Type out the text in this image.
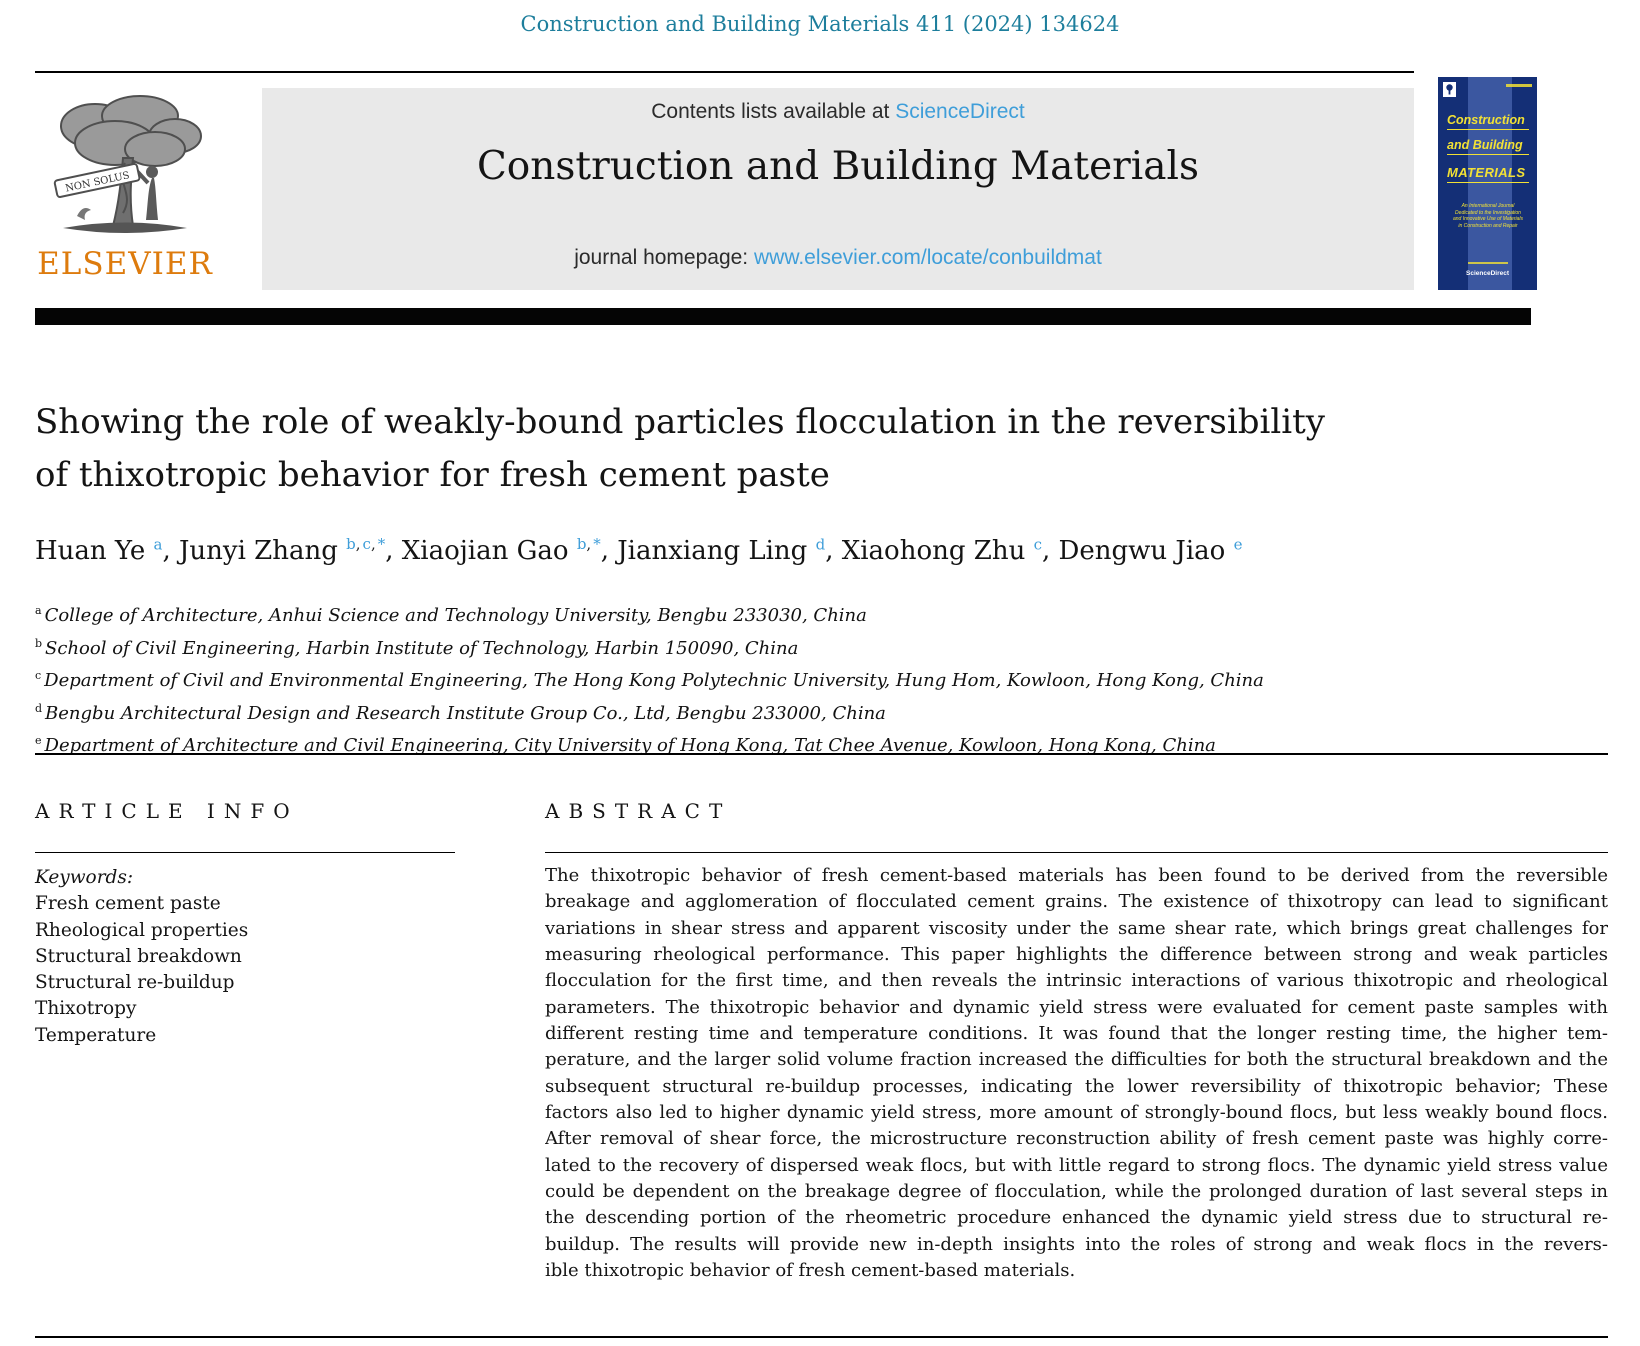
Construction and Building Materials 411 (2024) 134624
NON SOLUS
ELSEVIER
Contents lists available at ScienceDirect
Construction and Building Materials
journal homepage: www.elsevier.com/locate/conbuildmat
Construction
and Building
MATERIALS
An International Journal Dedicated to the Investigation and Innovative Use of Materials in Construction and Repair
ScienceDirect
Showing the role of weakly-bound particles flocculation in the reversibility
of thixotropic behavior for fresh cement paste
Huan Ye $^a$, Junyi Zhang $^{b, c, *}$, Xiaojian Gao $^{b, *}$, Jianxiang Ling $^d$, Xiaohong Zhu $^c$, Dengwu Jiao $^e$
$^a$ College of Architecture, Anhui Science and Technology University, Bengbu 233030, China
$^b$ School of Civil Engineering, Harbin Institute of Technology, Harbin 150090, China
$^c$ Department of Civil and Environmental Engineering, The Hong Kong Polytechnic University, Hung Hom, Kowloon, Hong Kong, China
$^d$ Bengbu Architectural Design and Research Institute Group Co., Ltd, Bengbu 233000, China
$^e$ Department of Architecture and Civil Engineering, City University of Hong Kong, Tat Chee Avenue, Kowloon, Hong Kong, China
ARTICLE INFO
Keywords:
Fresh cement paste
Rheological properties
Structural breakdown
Structural re-buildup
Thixotropy
Temperature
ABSTRACT
The thixotropic behavior of fresh cement-based materials has been found to be derived from the reversible
breakage and agglomeration of flocculated cement grains. The existence of thixotropy can lead to significant
variations in shear stress and apparent viscosity under the same shear rate, which brings great challenges for
measuring rheological performance. This paper highlights the difference between strong and weak particles
flocculation for the first time, and then reveals the intrinsic interactions of various thixotropic and rheological
parameters. The thixotropic behavior and dynamic yield stress were evaluated for cement paste samples with
different resting time and temperature conditions. It was found that the longer resting time, the higher tem-
perature, and the larger solid volume fraction increased the difficulties for both the structural breakdown and the
subsequent structural re-buildup processes, indicating the lower reversibility of thixotropic behavior; These
factors also led to higher dynamic yield stress, more amount of strongly-bound flocs, but less weakly bound flocs.
After removal of shear force, the microstructure reconstruction ability of fresh cement paste was highly corre-
lated to the recovery of dispersed weak flocs, but with little regard to strong flocs. The dynamic yield stress value
could be dependent on the breakage degree of flocculation, while the prolonged duration of last several steps in
the descending portion of the rheometric procedure enhanced the dynamic yield stress due to structural re-
buildup. The results will provide new in-depth insights into the roles of strong and weak flocs in the revers-
ible thixotropic behavior of fresh cement-based materials.
